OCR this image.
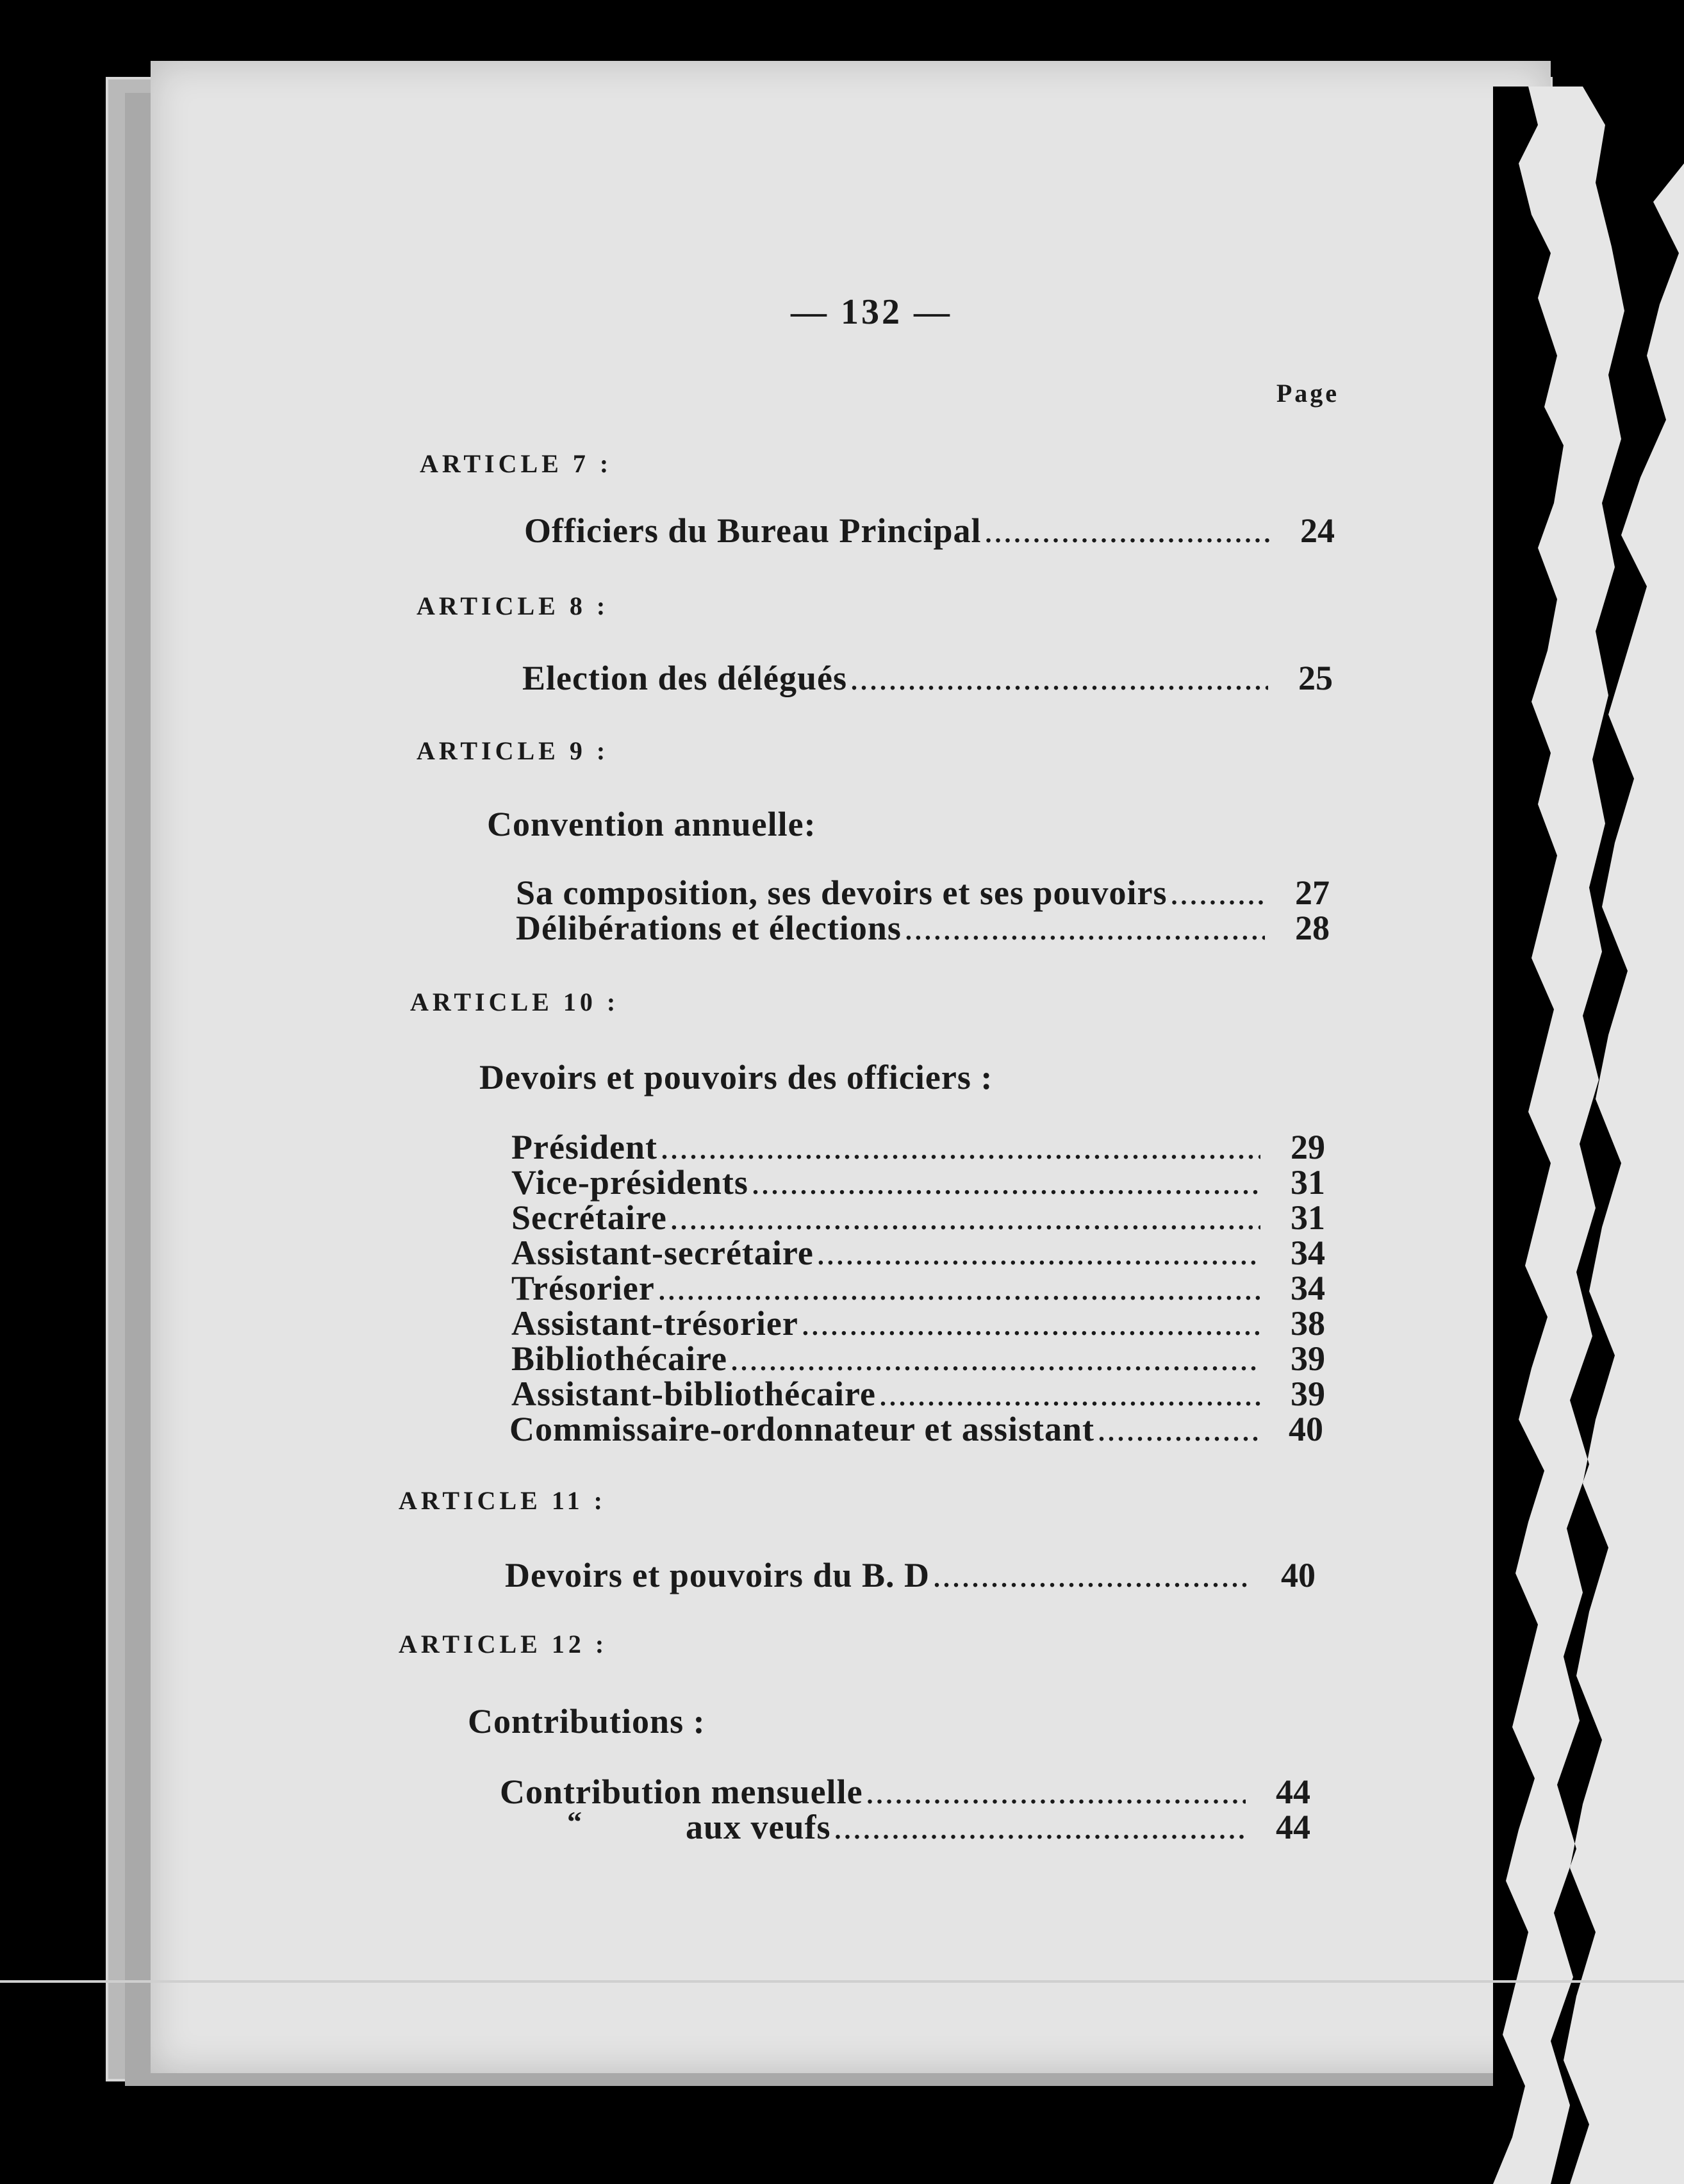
— 132 —
Page
ARTICLE 7 :
Officiers du Bureau Principal .....	24
ARTICLE 8 :
Election des délégués .....	25
ARTICLE 9 :
Convention annuelle:
Sa composition, ses devoirs et ses pouvoirs .....	27
Délibérations et élections .....	28
ARTICLE 10 :
Devoirs et pouvoirs des officiers :
Président .....	29
Vice-présidents .....	31
Secrétaire .....	31
Assistant-secrétaire .....	34
Trésorier .....	34
Assistant-trésorier .....	38
Bibliothécaire .....	39
Assistant-bibliothécaire .....	39
Commissaire-ordonnateur et assistant .....	40
ARTICLE 11 :
Devoirs et pouvoirs du B. D .....	40
ARTICLE 12 :
Contributions :
Contribution mensuelle .....	44
“ aux veufs .....	44
